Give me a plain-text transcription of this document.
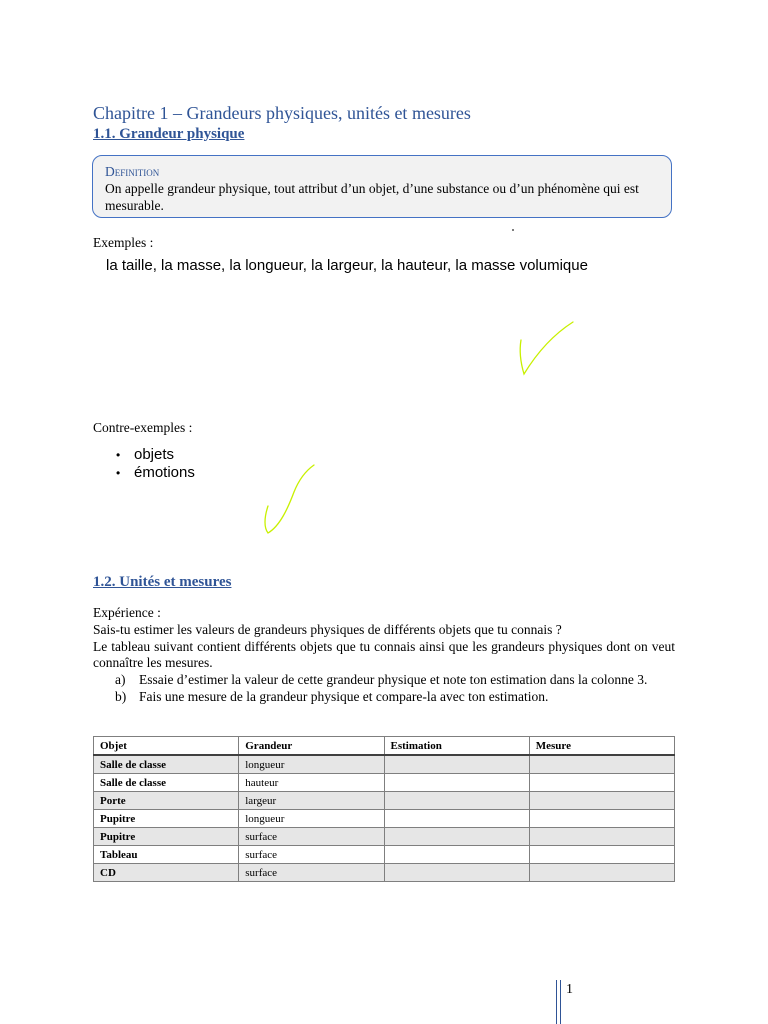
Chapitre 1 – Grandeurs physiques, unités et mesures
1.1. Grandeur physique
Definition
On appelle grandeur physique, tout attribut d’un objet, d’une substance ou d’un phénomène qui est mesurable.
Exemples :
la taille, la masse, la longueur, la largeur, la hauteur, la masse volumique
Contre-exemples :
• objets
• émotions
1.2. Unités et mesures

Expérience :

Sais-tu estimer les valeurs de grandeurs physiques de différents objets que tu connais ?

Le tableau suivant contient différents objets que tu connais ainsi que les grandeurs physiques dont on veut connaître les mesures.

a)	Essaie d’estimer la valeur de cette grandeur physique et note ton estimation dans la colonne 3.
b) Fais une mesure de la grandeur physique et compare-la avec ton estimation.
Objet	Grandeur	Estimation	Mesure
Salle de classe	longueur		
Salle de classe	hauteur		
Porte	largeur		
Pupitre	longueur		
Pupitre	surface		
Tableau	surface		
CD	surface		
1
